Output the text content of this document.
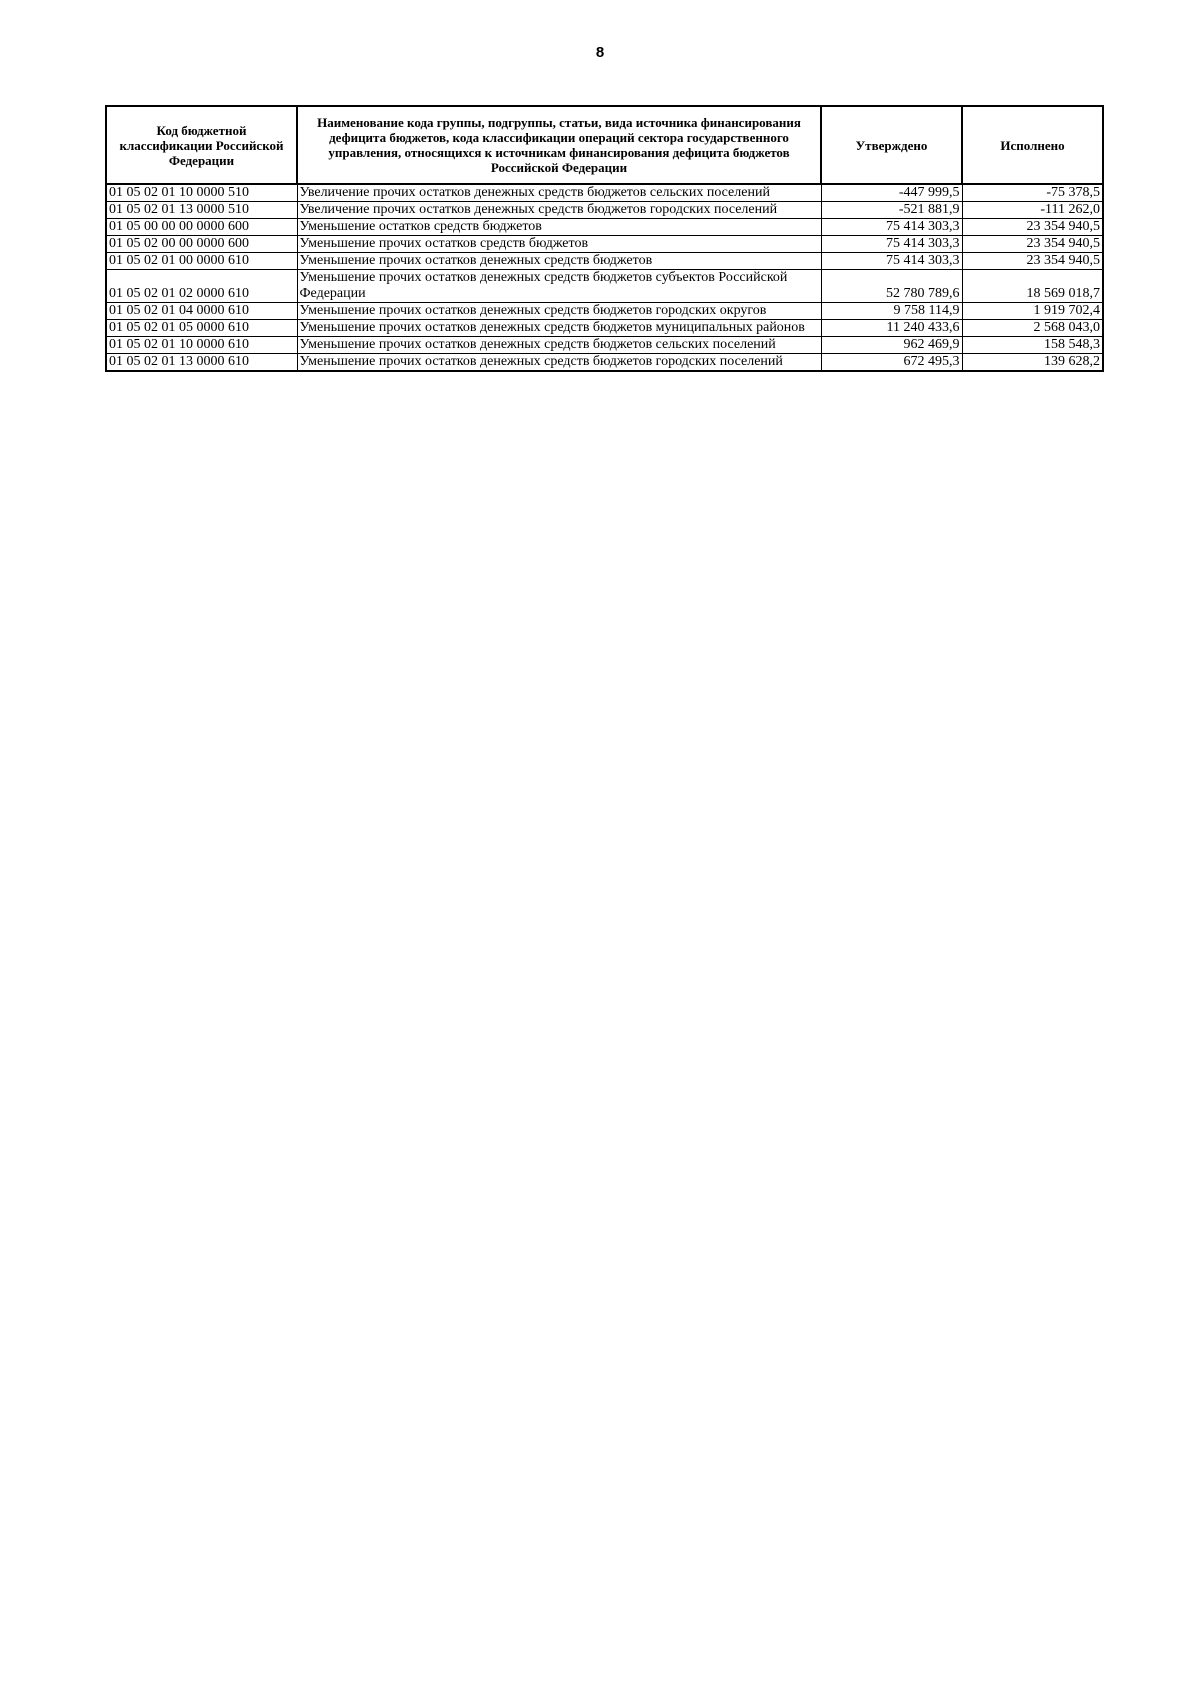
8
Код бюджетной классификации Российской Федерации	Наименование кода группы, подгруппы, статьи, вида источника финансирования дефицита бюджетов, кода классификации операций сектора государственного управления, относящихся к источникам финансирования дефицита бюджетов Российской Федерации	Утверждено	Исполнено
01 05 02 01 10 0000 510	Увеличение прочих остатков денежных средств бюджетов сельских поселений	-447 999,5	-75 378,5
01 05 02 01 13 0000 510	Увеличение прочих остатков денежных средств бюджетов городских поселений	-521 881,9	-111 262,0
01 05 00 00 00 0000 600	Уменьшение остатков средств бюджетов	75 414 303,3	23 354 940,5
01 05 02 00 00 0000 600	Уменьшение прочих остатков средств бюджетов	75 414 303,3	23 354 940,5
01 05 02 01 00 0000 610	Уменьшение прочих остатков денежных средств бюджетов	75 414 303,3	23 354 940,5
01 05 02 01 02 0000 610	Уменьшение прочих остатков денежных средств бюджетов субъектов Российской Федерации	52 780 789,6	18 569 018,7
01 05 02 01 04 0000 610	Уменьшение прочих остатков денежных средств бюджетов городских округов	9 758 114,9	1 919 702,4
01 05 02 01 05 0000 610	Уменьшение прочих остатков денежных средств бюджетов муниципальных районов	11 240 433,6	2 568 043,0
01 05 02 01 10 0000 610	Уменьшение прочих остатков денежных средств бюджетов сельских поселений	962 469,9	158 548,3
01 05 02 01 13 0000 610	Уменьшение прочих остатков денежных средств бюджетов городских поселений	672 495,3	139 628,2
